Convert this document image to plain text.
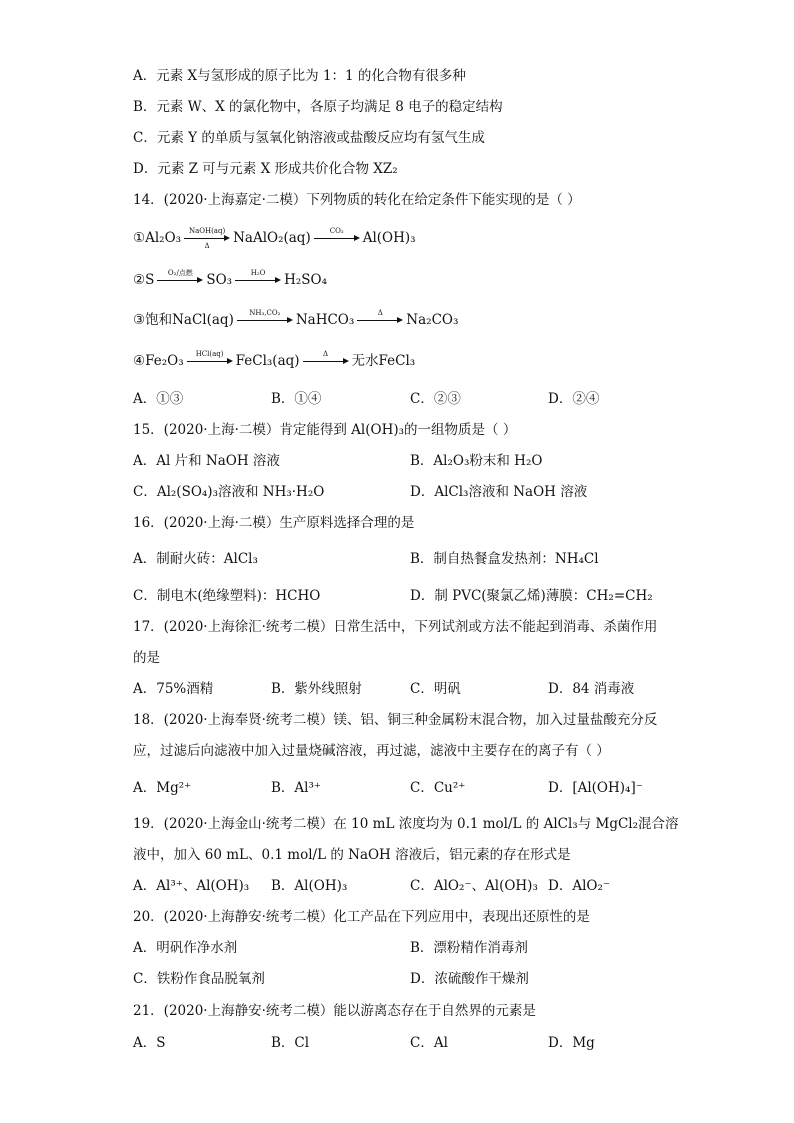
A．元素 X与氢形成的原子比为 1：1 的化合物有很多种
B．元素 W、X 的氯化物中，各原子均满足 8 电子的稳定结构
C．元素 Y 的单质与氢氧化钠溶液或盐酸反应均有氢气生成
D．元素 Z 可与元素 X 形成共价化合物 XZ₂
14．(2020·上海嘉定·二模）下列物质的转化在给定条件下能实现的是（ ）
① Al₂O₃	NaOH(aq)
Δ	NaAlO₂(aq)	CO₂	Al(OH)₃
② S	O₂/点燃	SO₃	H₂O	H₂SO₄
③ 饱和NaCl(aq)	NH₃,CO₂	NaHCO₃	Δ	Na₂CO₃
④ Fe₂O₃	HCl(aq) FeCl₃(aq)	Δ	无水FeCl₃
A．①③	B．①④	C．②③	D．②④
15．(2020·上海·二模）肯定能得到 Al(OH)₃的一组物质是（ ）
A．Al 片和 NaOH 溶液	B．Al₂O₃粉末和 H₂O
C．Al₂(SO₄)₃溶液和 NH₃·H₂O	D．AlCl₃溶液和 NaOH 溶液
16．(2020·上海·二模）生产原料选择合理的是
A．制耐火砖：AlCl₃	B．制自热餐盒发热剂：NH₄Cl
C．制电木(绝缘塑料)：HCHO	D．制 PVC(聚氯乙烯)薄膜：CH₂=CH₂
17．(2020·上海徐汇·统考二模）日常生活中，下列试剂或方法不能起到消毒、杀菌作用
的是
A．75%酒精	B．紫外线照射	C．明矾	D．84 消毒液
18．(2020·上海奉贤·统考二模）镁、铝、铜三种金属粉末混合物，加入过量盐酸充分反
应，过滤后向滤液中加入过量烧碱溶液，再过滤，滤液中主要存在的离子有（ ）
A．Mg²⁺	B．Al³⁺	C．Cu²⁺	D．[Al(OH)₄]⁻
19．(2020·上海金山·统考二模）在 10 mL 浓度均为 0.1 mol/L 的 AlCl₃与 MgCl₂混合溶
液中，加入 60 mL、0.1 mol/L 的 NaOH 溶液后，铝元素的存在形式是
A．Al³⁺、Al(OH)₃ B．Al(OH)₃	C．AlO₂⁻、Al(OH)₃ D．AlO₂⁻
20．(2020·上海静安·统考二模）化工产品在下列应用中，表现出还原性的是
A．明矾作净水剂	B．漂粉精作消毒剂
C．铁粉作食品脱氧剂	D．浓硫酸作干燥剂
21．(2020·上海静安·统考二模）能以游离态存在于自然界的元素是
A．S	B．Cl	C．Al	D．Mg
